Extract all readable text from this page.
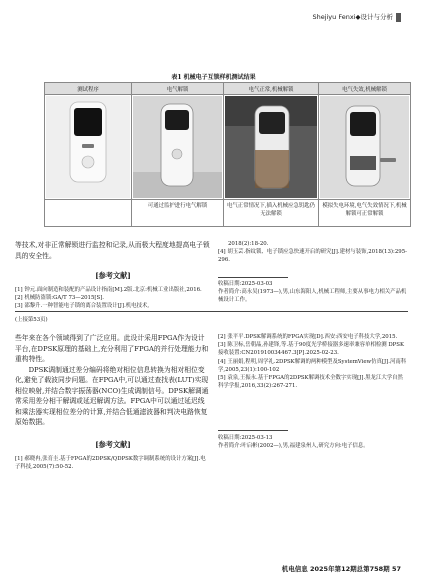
Shejiyu Fenxi◆设计与分析
表1 机械电子互锁样机测试结果
测试程序	电气解锁	电气正常,机械解锁	电气失效,机械解锁

	可通过监护进行电气解锁	电气正常情况下,插入机械应急钥匙仍无法解锁	模拟失电环境,电气失效情况下,机械解锁可正常解锁
等技术,对非正常解锁进行监控和记录,从而极大程度地提高电子锁具的安全性。
[参考文献]
[1] 钟元.面向制造和装配的产品设计指南[M].2版.北京:机械工业出版社,2016.
[2] 机械防盗锁:GA/T 73—2015[S].
[3] 邵黎升.一种智能电子锁的离合装置设计[J].机电技术,
2018(2):18-20.
[4] 胡玉芸.指纹锁、电子锁应急快速开启的研究[J].建材与装饰,2018(13):295-296.
收稿日期:2025-03-03
作者简介:高永吴(1973—),男,山东海阳人,机械工程师,主要从事电力相关产品机械设计工作。
(上接第53页)
些年来在各个领域得到了广泛应用。此设计采用FPGA作为设计平台,在DPSK原理的基础上,充分利用了FPGA的并行处理能力和重构特性。
DPSK调制通过差分编码将绝对相位信息转换为相对相位变化,避免了载波同步问题。在FPGA中,可以通过查找表(LUT)实现相位映射,并结合数字振荡器(NCO)生成调制信号。DPSK解调通常采用差分相干解调或延迟解调方法。FPGA中可以通过延迟线和乘法器实现相位差分的计算,并结合低通滤波器和判决电路恢复原始数据。
[参考文献]
[1] 郝晓冉,张育圭.基于FPGA的2DPSK/QDPSK数字调制系统的设计方案[J].电子科技,2005(7):50-52.
[2] 张平平.DPSK解调系统的FPGA实现[D].西安:西安电子科技大学,2015.
[3] 陈卫标,岳朝晶,孙建锋,等.基于90度光学桥接器多速率兼容单相检测 DPSK 接收装置:CN201910034467.3[P].2025-02-23.
[4] 王丽娟,程明,周学礼.2DPSK解调的两种模型及SystemView仿真[J].河南科学,2005,23(1):100-102
[5] 袁泉,王振永.基于FPGA的2DPSK解调技术全数字实现[J].黑龙江大学自然科学学报,2016,33(2):267-271.
收稿日期:2025-03-13
作者简介:叶启彬(2002—),男,福建泉州人,研究方向:电子信息。
机电信息 2025年第12期总第758期 57
